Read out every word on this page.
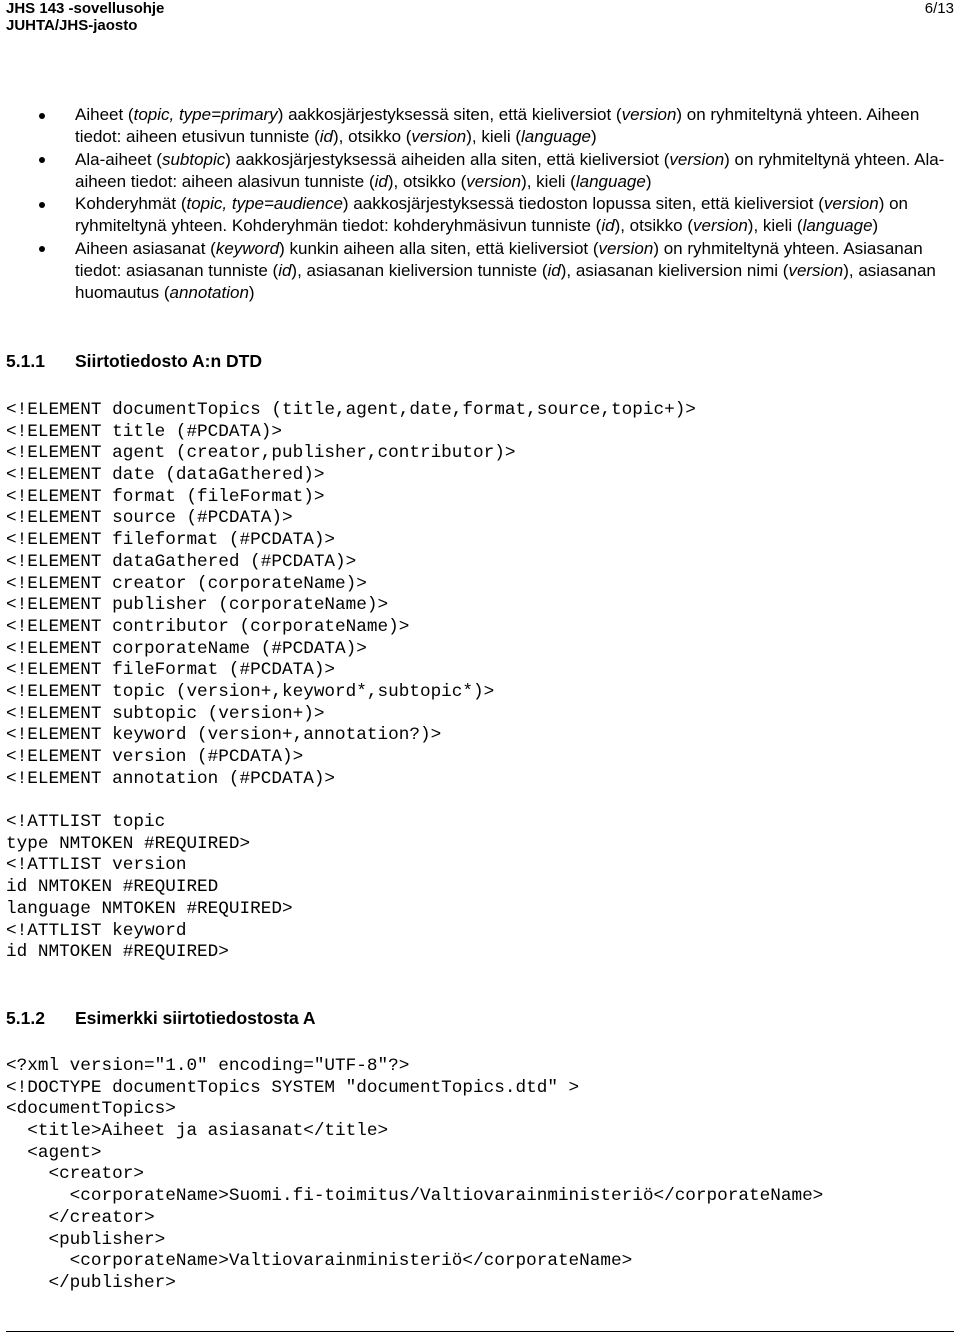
JHS 143 -sovellusohje
JUHTA/JHS-jaosto
6/13
Aiheet (topic, type=primary) aakkosjärjestyksessä siten, että kieliversiot (version) on ryhmiteltynä yhteen. Aiheen tiedot: aiheen etusivun tunniste (id), otsikko (version), kieli (language)
Ala-aiheet (subtopic) aakkosjärjestyksessä aiheiden alla siten, että kieliversiot (version) on ryhmiteltynä yhteen. Ala-aiheen tiedot: aiheen alasivun tunniste (id), otsikko (version), kieli (language)
Kohderyhmät (topic, type=audience) aakkosjärjestyksessä tiedoston lopussa siten, että kieliversiot (version) on ryhmiteltynä yhteen. Kohderyhmän tiedot: kohderyhmäsivun tunniste (id), otsikko (version), kieli (language)
Aiheen asiasanat (keyword) kunkin aiheen alla siten, että kieliversiot (version) on ryhmiteltynä yhteen. Asiasanan tiedot: asiasanan tunniste (id), asiasanan kieliversion tunniste (id), asiasanan kieliversion nimi (version), asiasanan huomautus (annotation)
5.1.1 Siirtotiedosto A:n DTD
<!ELEMENT documentTopics (title,agent,date,format,source,topic+)>
<!ELEMENT title (#PCDATA)>
<!ELEMENT agent (creator,publisher,contributor)>
<!ELEMENT date (dataGathered)>
<!ELEMENT format (fileFormat)>
<!ELEMENT source (#PCDATA)>
<!ELEMENT fileformat (#PCDATA)>
<!ELEMENT dataGathered (#PCDATA)>
<!ELEMENT creator (corporateName)>
<!ELEMENT publisher (corporateName)>
<!ELEMENT contributor (corporateName)>
<!ELEMENT corporateName (#PCDATA)>
<!ELEMENT fileFormat (#PCDATA)>
<!ELEMENT topic (version+,keyword*,subtopic*)>
<!ELEMENT subtopic (version+)>
<!ELEMENT keyword (version+,annotation?)>
<!ELEMENT version (#PCDATA)>
<!ELEMENT annotation (#PCDATA)>
<!ATTLIST topic
type NMTOKEN #REQUIRED>
<!ATTLIST version
id NMTOKEN #REQUIRED
language NMTOKEN #REQUIRED>
<!ATTLIST keyword
id NMTOKEN #REQUIRED>
5.1.2 Esimerkki siirtotiedostosta A
<?xml version="1.0" encoding="UTF-8"?>
<!DOCTYPE documentTopics SYSTEM "documentTopics.dtd" >
<documentTopics>
<title>Aiheet ja asiasanat</title>
<agent>
<creator>
<corporateName>Suomi.fi-toimitus/Valtiovarainministeriö</corporateName>
</creator>
<publisher>
<corporateName>Valtiovarainministeriö</corporateName>
</publisher>
